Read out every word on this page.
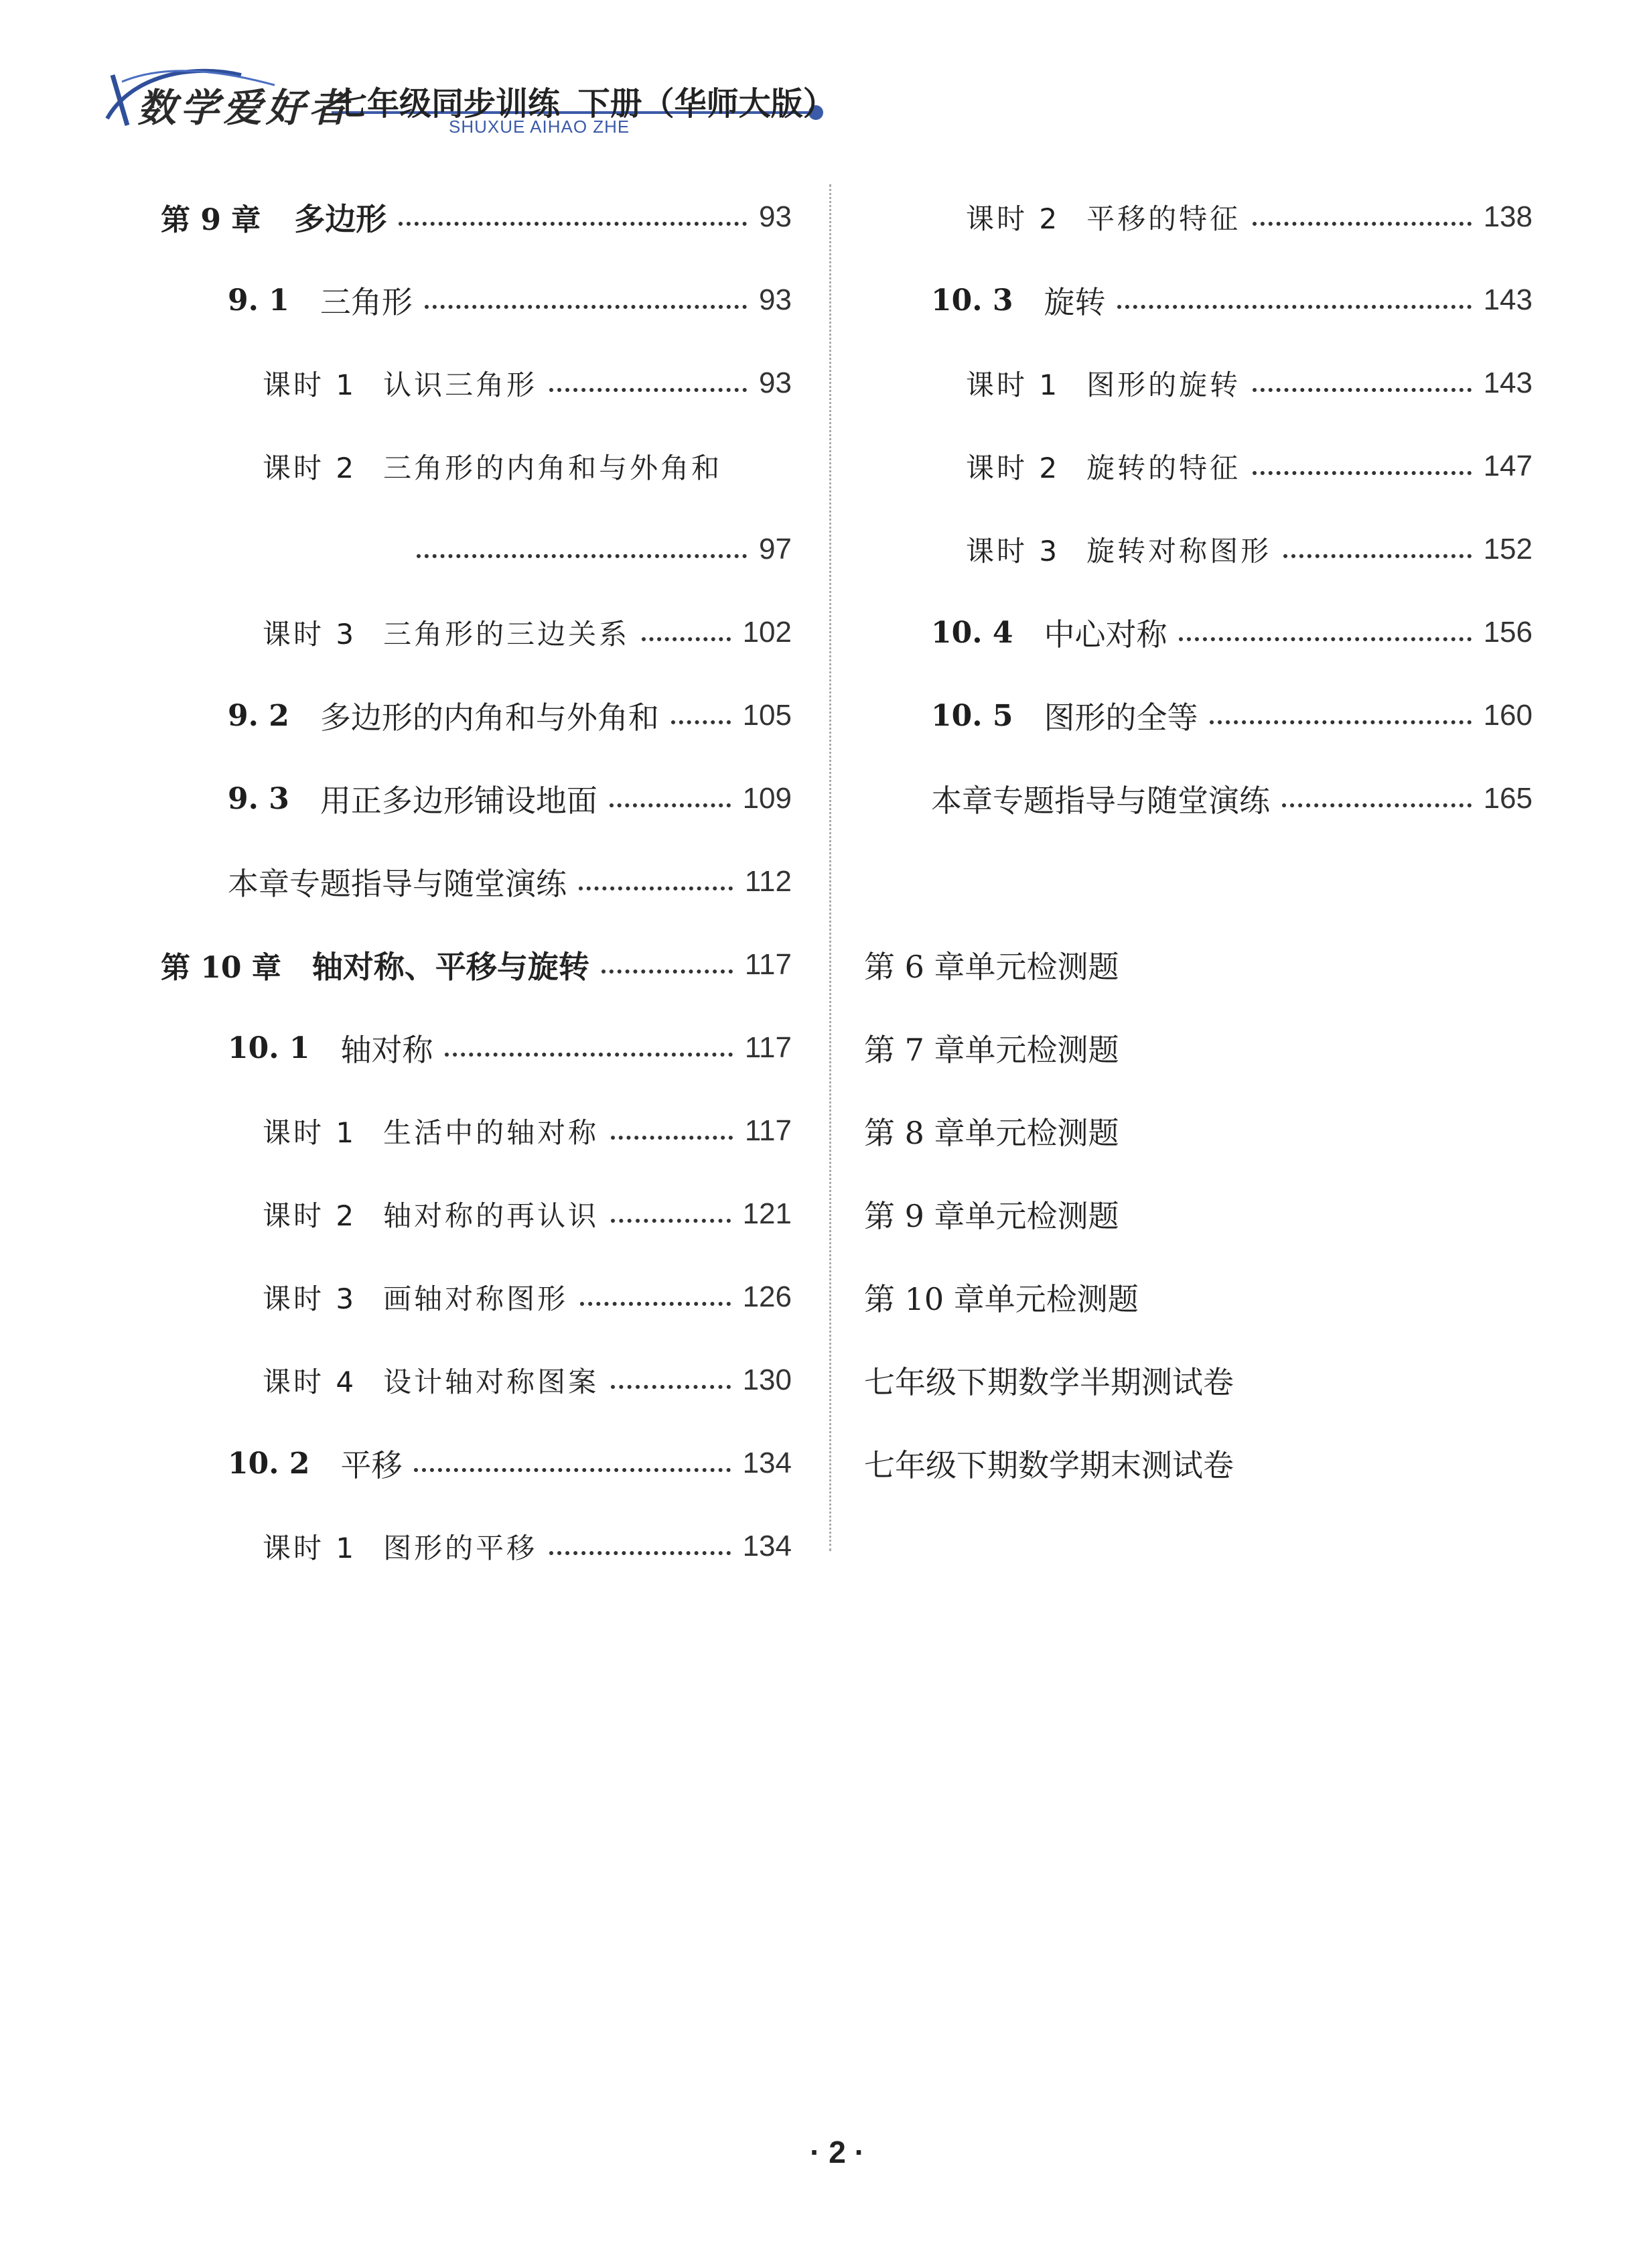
数学爱好者
七年级同步训练  下册（华师大版）
SHUXUE AIHAO ZHE
第 9 章 多边形	93
9. 1 三角形	93
课时 1 认识三角形	93
课时 2 三角形的内角和与外角和
97
课时 3 三角形的三边关系	102
9. 2 多边形的内角和与外角和	105
9. 3 用正多边形铺设地面	109
本章专题指导与随堂演练	112
第 10 章 轴对称、平移与旋转	117
10. 1 轴对称	117
课时 1 生活中的轴对称	117
课时 2 轴对称的再认识	121
课时 3 画轴对称图形	126
课时 4 设计轴对称图案	130
10. 2 平移	134
课时 1 图形的平移	134
课时 2 平移的特征	138
10. 3 旋转	143
课时 1 图形的旋转	143
课时 2 旋转的特征	147
课时 3 旋转对称图形	152
10. 4 中心对称	156
10. 5 图形的全等	160
本章专题指导与随堂演练	165
第 6 章单元检测题
第 7 章单元检测题
第 8 章单元检测题
第 9 章单元检测题
第 10 章单元检测题
七年级下期数学半期测试卷
七年级下期数学期末测试卷
· 2 ·
